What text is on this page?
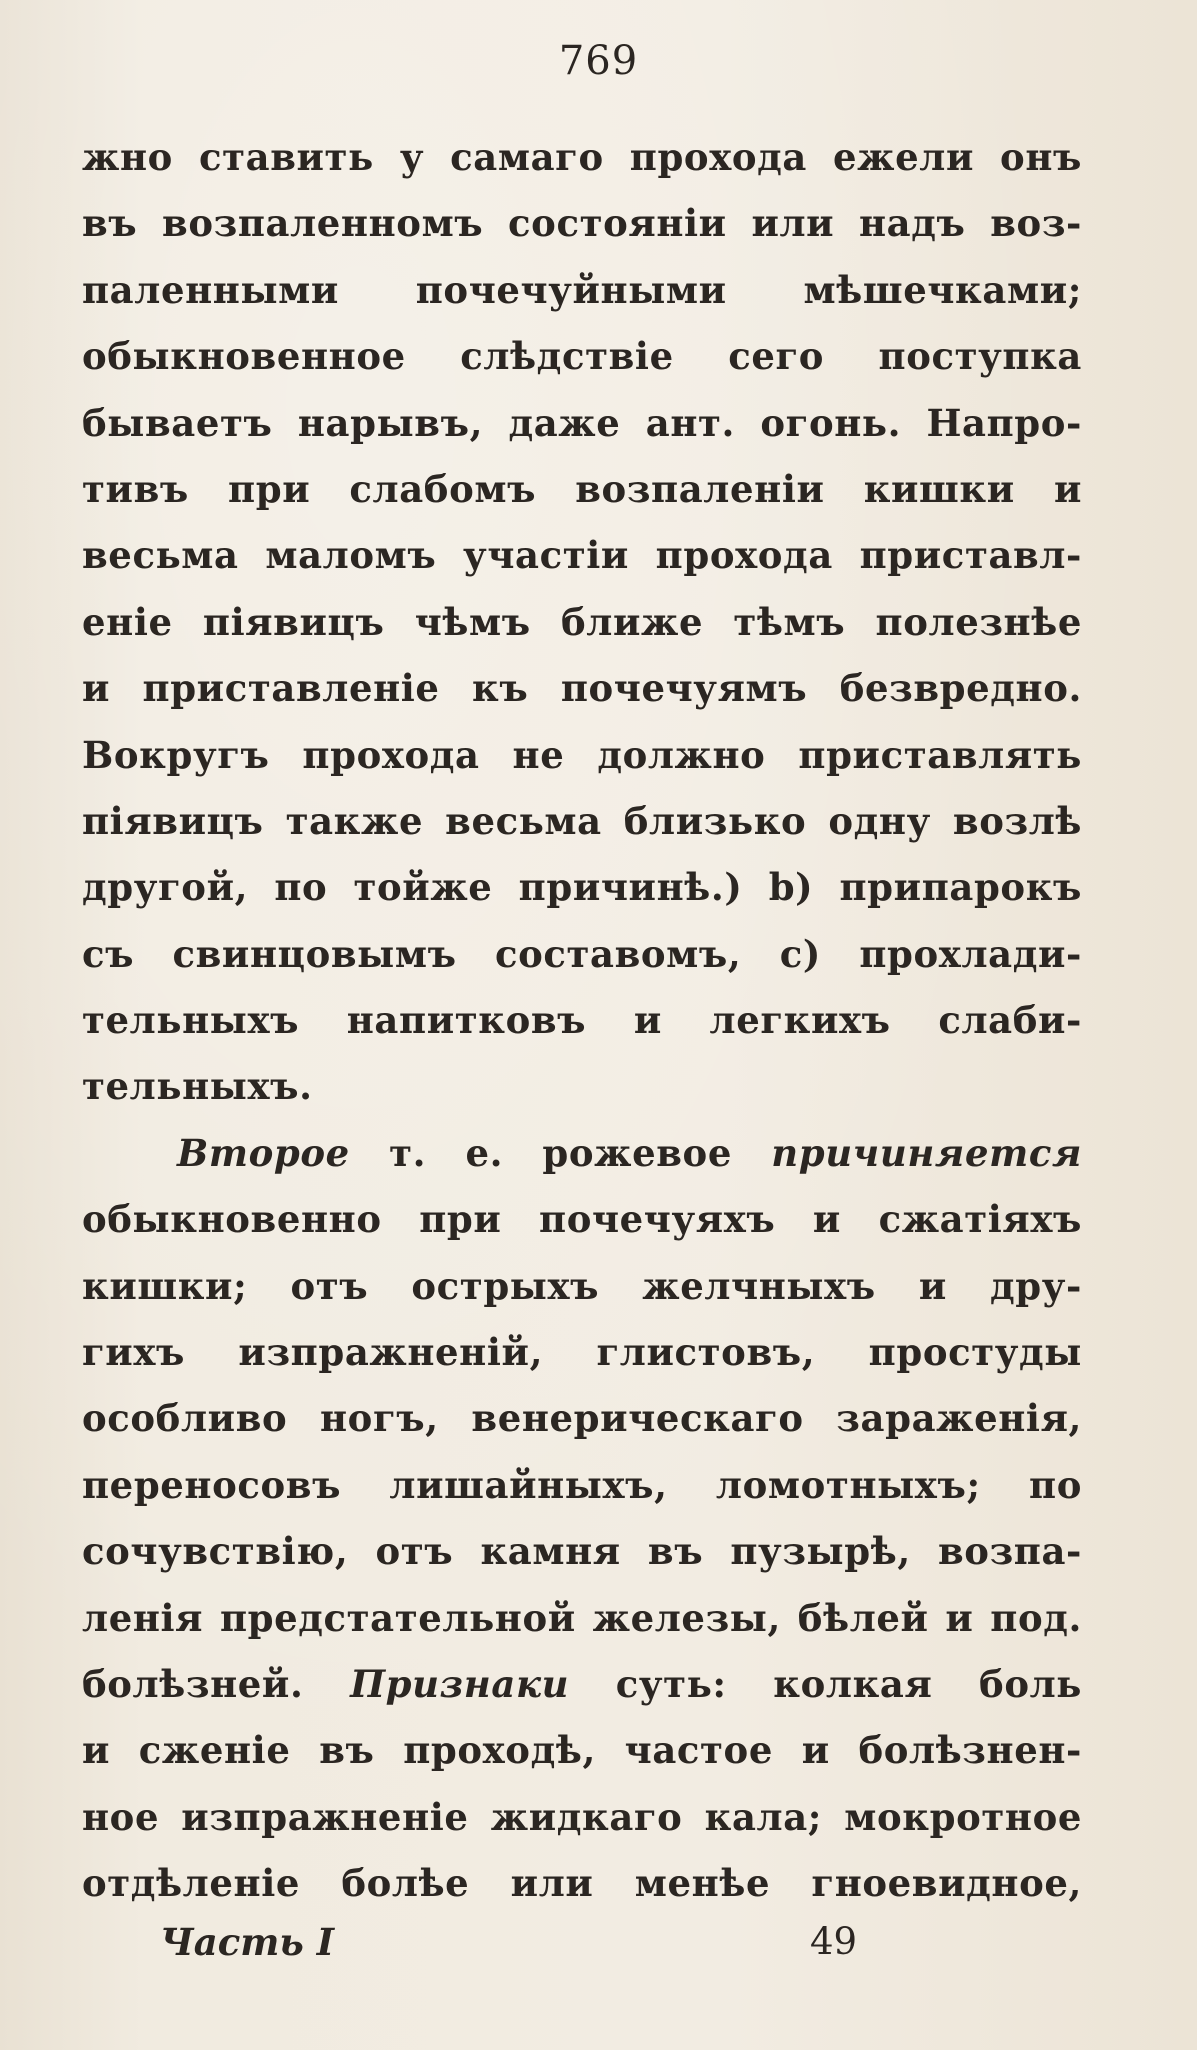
769
жно ставить у самаго прохода ежели онъ
въ возпаленномъ состоянiи или надъ воз-
паленными почечуйными мѣшечками;
обыкновенное слѣдствiе сего поступка
бываетъ нарывъ, даже ант. огонь. Напро-
тивъ при слабомъ возпаленiи кишки и
весьма маломъ участiи прохода приставл-
енiе пiявицъ чѣмъ ближе тѣмъ полезнѣе
и приставленiе къ почечуямъ безвредно.
Вокругъ прохода не должно приставлять
пiявицъ также весьма близько одну возлѣ
другой, по тойже причинѣ.) b) припарокъ
съ свинцовымъ составомъ, с) прохлади-
тельныхъ напитковъ и легкихъ слаби-
тельныхъ.
Второе т. е. рожевое причиняется
обыкновенно при почечуяхъ и сжатiяхъ
кишки; отъ острыхъ желчныхъ и дру-
гихъ изпражненiй, глистовъ, простуды
особливо ногъ, венерическаго зараженiя,
переносовъ лишайныхъ, ломотныхъ; по
сочувствiю, отъ камня въ пузырѣ, возпа-
ленiя предстательной железы, бѣлей и под.
болѣзней. Признаки суть: колкая боль
и сженiе въ проходѣ, частое и болѣзнен-
ное изпражненiе жидкаго кала; мокротное
отдѣленiе болѣе или менѣе гноевидное,
Часть I	49
